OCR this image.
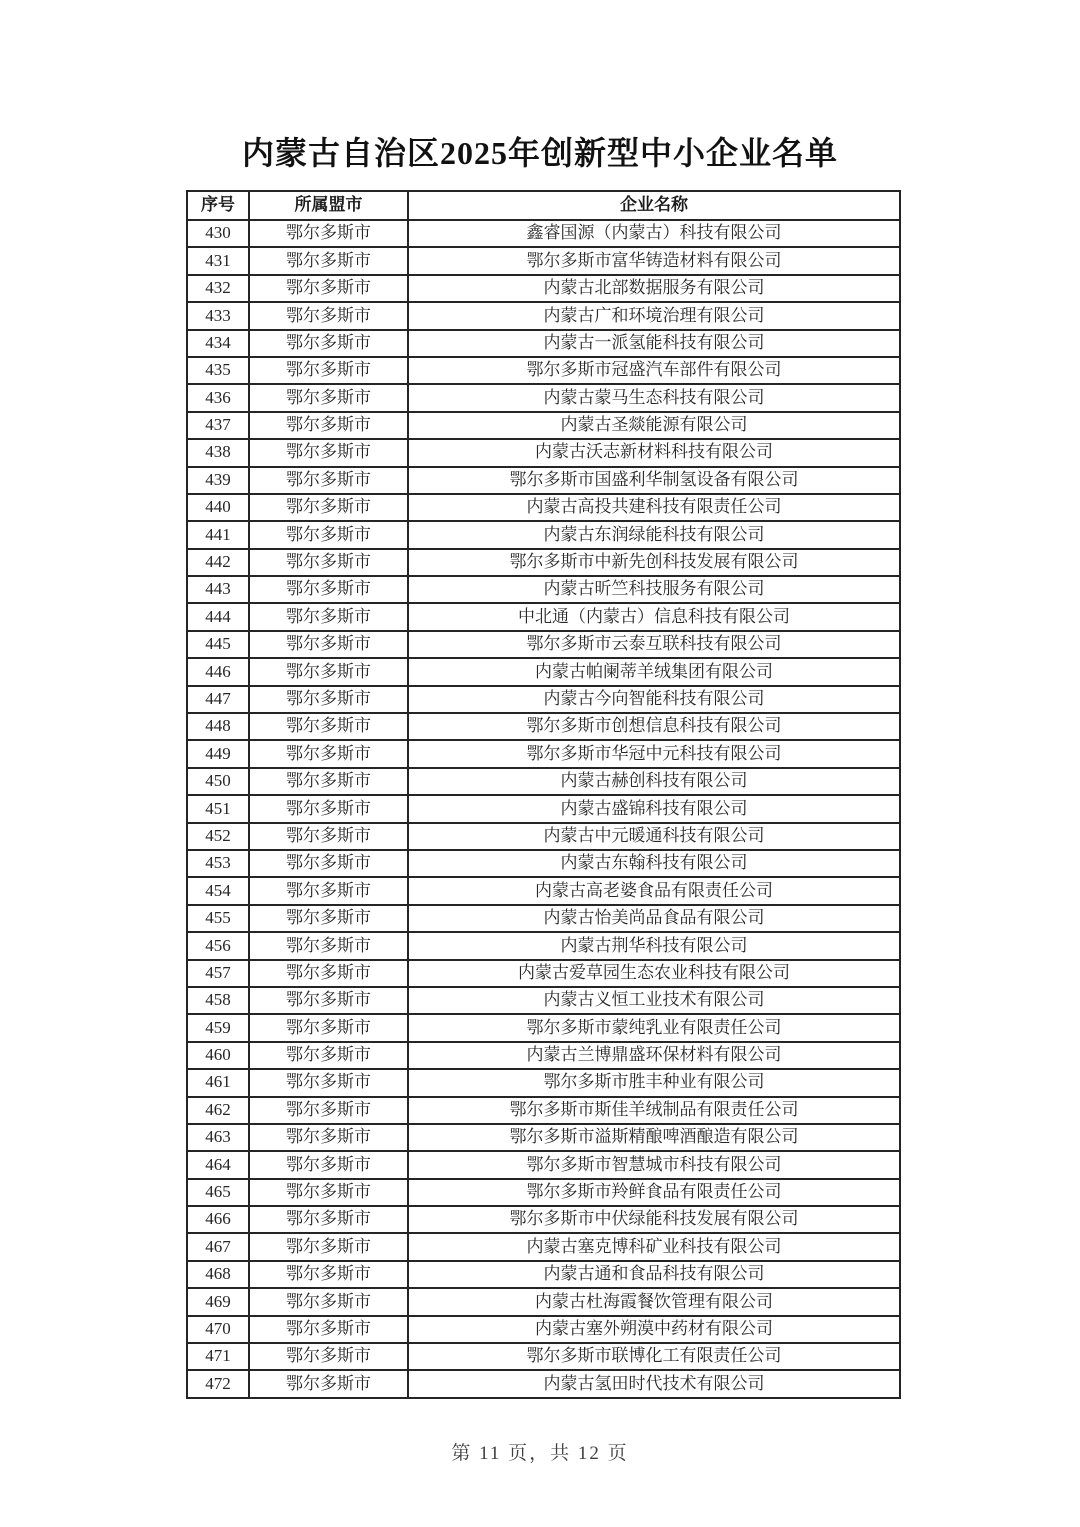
内蒙古自治区2025年创新型中小企业名单
序号	所属盟市	企业名称
430	鄂尔多斯市	鑫睿国源（内蒙古）科技有限公司
431	鄂尔多斯市	鄂尔多斯市富华铸造材料有限公司
432	鄂尔多斯市	内蒙古北部数据服务有限公司
433	鄂尔多斯市	内蒙古广和环境治理有限公司
434	鄂尔多斯市	内蒙古一派氢能科技有限公司
435	鄂尔多斯市	鄂尔多斯市冠盛汽车部件有限公司
436	鄂尔多斯市	内蒙古蒙马生态科技有限公司
437	鄂尔多斯市	内蒙古圣燚能源有限公司
438	鄂尔多斯市	内蒙古沃志新材料科技有限公司
439	鄂尔多斯市	鄂尔多斯市国盛利华制氢设备有限公司
440	鄂尔多斯市	内蒙古高投共建科技有限责任公司
441	鄂尔多斯市	内蒙古东润绿能科技有限公司
442	鄂尔多斯市	鄂尔多斯市中新先创科技发展有限公司
443	鄂尔多斯市	内蒙古昕竺科技服务有限公司
444	鄂尔多斯市	中北通（内蒙古）信息科技有限公司
445	鄂尔多斯市	鄂尔多斯市云泰互联科技有限公司
446	鄂尔多斯市	内蒙古帕阑蒂羊绒集团有限公司
447	鄂尔多斯市	内蒙古今向智能科技有限公司
448	鄂尔多斯市	鄂尔多斯市创想信息科技有限公司
449	鄂尔多斯市	鄂尔多斯市华冠中元科技有限公司
450	鄂尔多斯市	内蒙古赫创科技有限公司
451	鄂尔多斯市	内蒙古盛锦科技有限公司
452	鄂尔多斯市	内蒙古中元暖通科技有限公司
453	鄂尔多斯市	内蒙古东翰科技有限公司
454	鄂尔多斯市	内蒙古高老婆食品有限责任公司
455	鄂尔多斯市	内蒙古怡美尚品食品有限公司
456	鄂尔多斯市	内蒙古荆华科技有限公司
457	鄂尔多斯市	内蒙古爱草园生态农业科技有限公司
458	鄂尔多斯市	内蒙古义恒工业技术有限公司
459	鄂尔多斯市	鄂尔多斯市蒙纯乳业有限责任公司
460	鄂尔多斯市	内蒙古兰博鼎盛环保材料有限公司
461	鄂尔多斯市	鄂尔多斯市胜丰种业有限公司
462	鄂尔多斯市	鄂尔多斯市斯佳羊绒制品有限责任公司
463	鄂尔多斯市	鄂尔多斯市溢斯精酿啤酒酿造有限公司
464	鄂尔多斯市	鄂尔多斯市智慧城市科技有限公司
465	鄂尔多斯市	鄂尔多斯市羚鲜食品有限责任公司
466	鄂尔多斯市	鄂尔多斯市中伏绿能科技发展有限公司
467	鄂尔多斯市	内蒙古塞克博科矿业科技有限公司
468	鄂尔多斯市	内蒙古通和食品科技有限公司
469	鄂尔多斯市	内蒙古杜海霞餐饮管理有限公司
470	鄂尔多斯市	内蒙古塞外朔漠中药材有限公司
471	鄂尔多斯市	鄂尔多斯市联博化工有限责任公司
472	鄂尔多斯市	内蒙古氢田时代技术有限公司
第 11 页，共 12 页
